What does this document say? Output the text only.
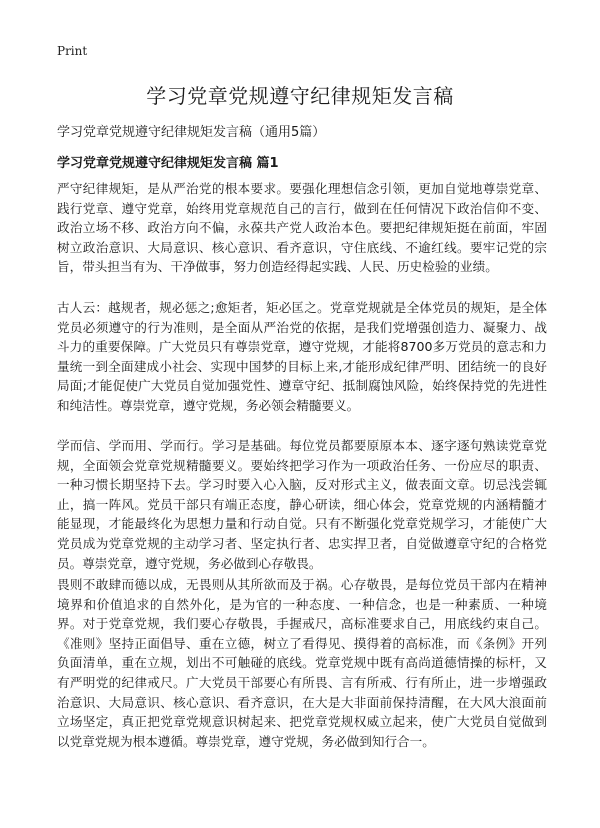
Print
学习党章党规遵守纪律规矩发言稿
学习党章党规遵守纪律规矩发言稿（通用5篇）
学习党章党规遵守纪律规矩发言稿 篇1

严守纪律规矩，是从严治党的根本要求。要强化理想信念引领，更加自觉地尊崇党章、践行党章、遵守党章，始终用党章规范自己的言行，做到在任何情况下政治信仰不变、政治立场不移、政治方向不偏，永葆共产党人政治本色。要把纪律规矩挺在前面，牢固树立政治意识、大局意识、核心意识、看齐意识，守住底线、不逾红线。要牢记党的宗旨，带头担当有为、干净做事，努力创造经得起实践、人民、历史检验的业绩。

古人云：越规者，规必惩之;愈矩者，矩必匡之。党章党规就是全体党员的规矩，是全体党员必须遵守的行为准则，是全面从严治党的依据，是我们党增强创造力、凝聚力、战斗力的重要保障。广大党员只有尊崇党章，遵守党规，才能将8700多万党员的意志和力量统一到全面建成小社会、实现中国梦的目标上来,才能形成纪律严明、团结统一的良好局面;才能促使广大党员自觉加强党性、遵章守纪、抵制腐蚀风险，始终保持党的先进性和纯洁性。尊崇党章，遵守党规，务必领会精髓要义。

学而信、学而用、学而行。学习是基础。每位党员都要原原本本、逐字逐句熟读党章党规，全面领会党章党规精髓要义。要始终把学习作为一项政治任务、一份应尽的职责、一种习惯长期坚持下去。学习时要入心入脑，反对形式主义，做表面文章。切忌浅尝辄止，搞一阵风。党员干部只有端正态度，静心研读，细心体会，党章党规的内涵精髓才能显现，才能最终化为思想力量和行动自觉。只有不断强化党章党规学习，才能使广大党员成为党章党规的主动学习者、坚定执行者、忠实捍卫者，自觉做遵章守纪的合格党员。尊崇党章，遵守党规，务必做到心存敬畏。

畏则不敢肆而德以成，无畏则从其所欲而及于祸。心存敬畏，是每位党员干部内在精神境界和价值追求的自然外化，是为官的一种态度、一种信念，也是一种素质、一种境界。对于党章党规，我们要心存敬畏，手握戒尺，高标准要求自己，用底线约束自己。《准则》坚持正面倡导、重在立德，树立了看得见、摸得着的高标准，而《条例》开列负面清单，重在立规，划出不可触碰的底线。党章党规中既有高尚道德情操的标杆，又有严明党的纪律戒尺。广大党员干部要心有所畏、言有所戒、行有所止，进一步增强政治意识、大局意识、核心意识、看齐意识，在大是大非面前保持清醒，在大风大浪面前立场坚定，真正把党章党规意识树起来、把党章党规权威立起来，使广大党员自觉做到以党章党规为根本遵循。尊崇党章，遵守党规，务必做到知行合一。
